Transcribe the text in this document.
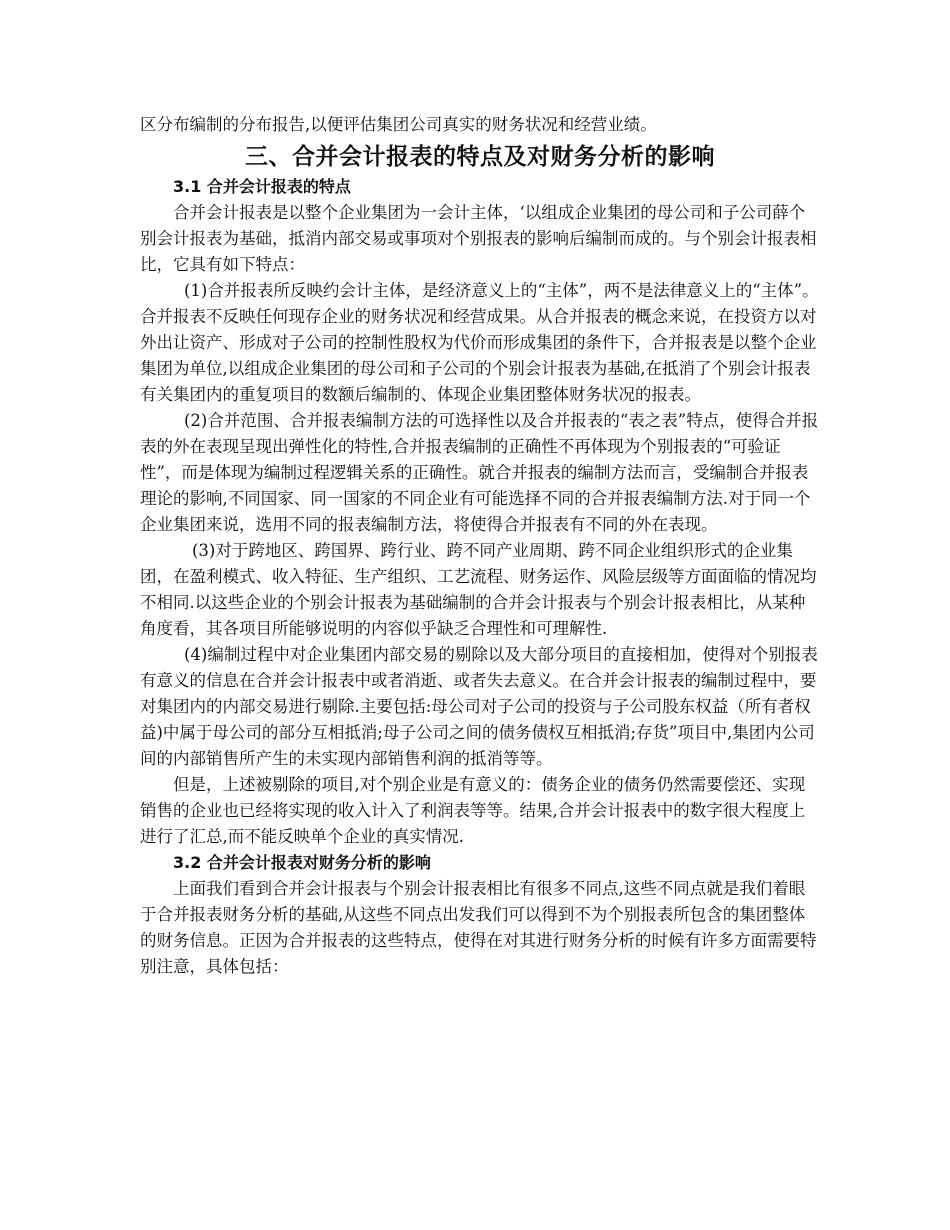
区分布编制的分布报告,以便评估集团公司真实的财务状况和经营业绩。

三、合并会计报表的特点及对财务分析的影响
3.1 合并会计报表的特点

合并会计报表是以整个企业集团为一会计主体，‘以组成企业集团的母公司和子公司薛个别会计报表为基础，抵消内部交易或事项对个别报表的影响后编制而成的。与个别会计报表相比，它具有如下特点：

(1)合并报表所反映约会计主体，是经济意义上的“主体”，两不是法律意义上的“主体”。合并报表不反映任何现存企业的财务状况和经营成果。从合并报表的概念来说，在投资方以对外出让资产、形成对子公司的控制性股权为代价而形成集团的条件下，合并报表是以整个企业集团为单位,以组成企业集团的母公司和子公司的个别会计报表为基础,在抵消了个别会计报表有关集团内的重复项目的数额后编制的、体现企业集团整体财务状况的报表。

(2)合并范围、合并报表编制方法的可选择性以及合并报表的“表之表”特点，使得合并报表的外在表现呈现出弹性化的特性,合并报表编制的正确性不再体现为个别报表的“可验证性”，而是体现为编制过程逻辑关系的正确性。就合并报表的编制方法而言，受编制合并报表理论的影响,不同国家、同一国家的不同企业有可能选择不同的合并报表编制方法.对于同一个企业集团来说，选用不同的报表编制方法，将使得合并报表有不同的外在表现。

(3)对于跨地区、跨国界、跨行业、跨不同产业周期、跨不同企业组织形式的企业集团，在盈利模式、收入特征、生产组织、工艺流程、财务运作、风险层级等方面面临的情况均不相同.以这些企业的个别会计报表为基础编制的合并会计报表与个别会计报表相比，从某种角度看，其各项目所能够说明的内容似乎缺乏合理性和可理解性.

(4)编制过程中对企业集团内部交易的剔除以及大部分项目的直接相加，使得对个别报表有意义的信息在合并会计报表中或者消逝、或者失去意义。在合并会计报表的编制过程中，要对集团内的内部交易进行剔除.主要包括:母公司对子公司的投资与子公司股东权益（所有者权益)中属于母公司的部分互相抵消;母子公司之间的债务债权互相抵消;存货”项目中,集团内公司间的内部销售所产生的未实现内部销售利润的抵消等等。

但是，上述被剔除的项目,对个别企业是有意义的：债务企业的债务仍然需要偿还、实现销售的企业也已经将实现的收入计入了利润表等等。结果,合并会计报表中的数字很大程度上进行了汇总,而不能反映单个企业的真实情况.

3.2 合并会计报表对财务分析的影响

上面我们看到合并会计报表与个别会计报表相比有很多不同点,这些不同点就是我们着眼于合并报表财务分析的基础,从这些不同点出发我们可以得到不为个别报表所包含的集团整体的财务信息。正因为合并报表的这些特点，使得在对其进行财务分析的时候有许多方面需要特别注意，具体包括：
